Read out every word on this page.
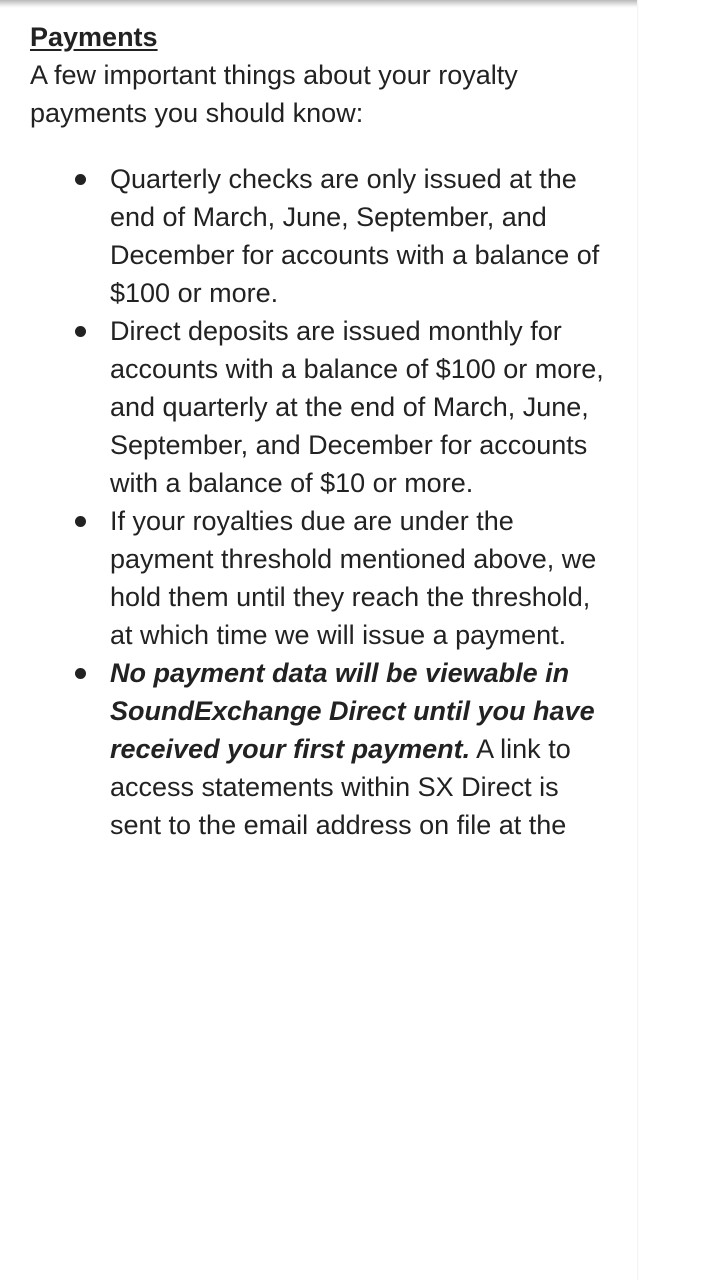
Payments

A few important things about your royalty payments you should know:

Quarterly checks are only issued at the end of March, June, September, and December for accounts with a balance of $100 or more.
Direct deposits are issued monthly for accounts with a balance of $100 or more, and quarterly at the end of March, June, September, and December for accounts with a balance of $10 or more.
If your royalties due are under the payment threshold mentioned above, we hold them until they reach the threshold, at which time we will issue a payment.
No payment data will be viewable in SoundExchange Direct until you have received your first payment. A link to access statements within SX Direct is sent to the email address on file at the
